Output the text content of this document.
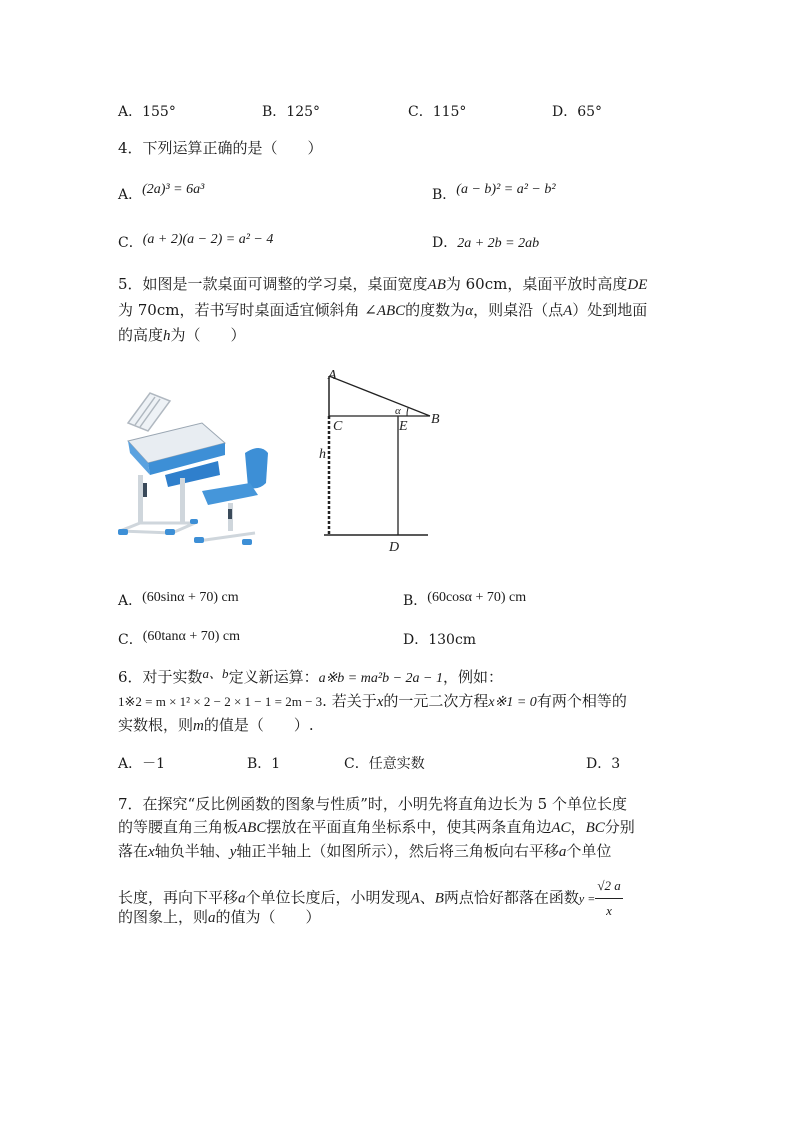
A．155°	B．125°	C．115°	D．65°
4．下列运算正确的是（　　）
A．(2a)³ = 6a³	B．(a − b)² = a² − b²
C．(a + 2)(a − 2) = a² − 4	D．2a + 2b = 2ab
5．如图是一款桌面可调整的学习桌，桌面宽度AB为 60cm，桌面平放时高度DE
为 70cm，若书写时桌面适宜倾斜角 ∠ABC的度数为α，则桌沿（点A）处到地面
的高度h为（　　）
A
B
C	E
D
h
α
A．(60sinα + 70) cm	B．(60cosα + 70) cm
C．(60tanα + 70) cm	D．130cm
6．对于实数a、b定义新运算：a※b = ma²b − 2a − 1，例如：
1※2 = m × 1² × 2 − 2 × 1 − 1 = 2m − 3. 若关于x的一元二次方程x※1 = 0有两个相等的
实数根，则m的值是（　　）.
A．－1	B．1	C．任意实数	D．3
7．在探究“反比例函数的图象与性质”时，小明先将直角边长为 5 个单位长度
的等腰直角三角板ABC摆放在平面直角坐标系中，使其两条直角边AC，BC分别
落在x轴负半轴、y轴正半轴上（如图所示），然后将三角板向右平移a个单位
长度，再向下平移a个单位长度后，小明发现A、B两点恰好都落在函数$y = \frac{√2 a}{x}$
的图象上，则a的值为（　　）
